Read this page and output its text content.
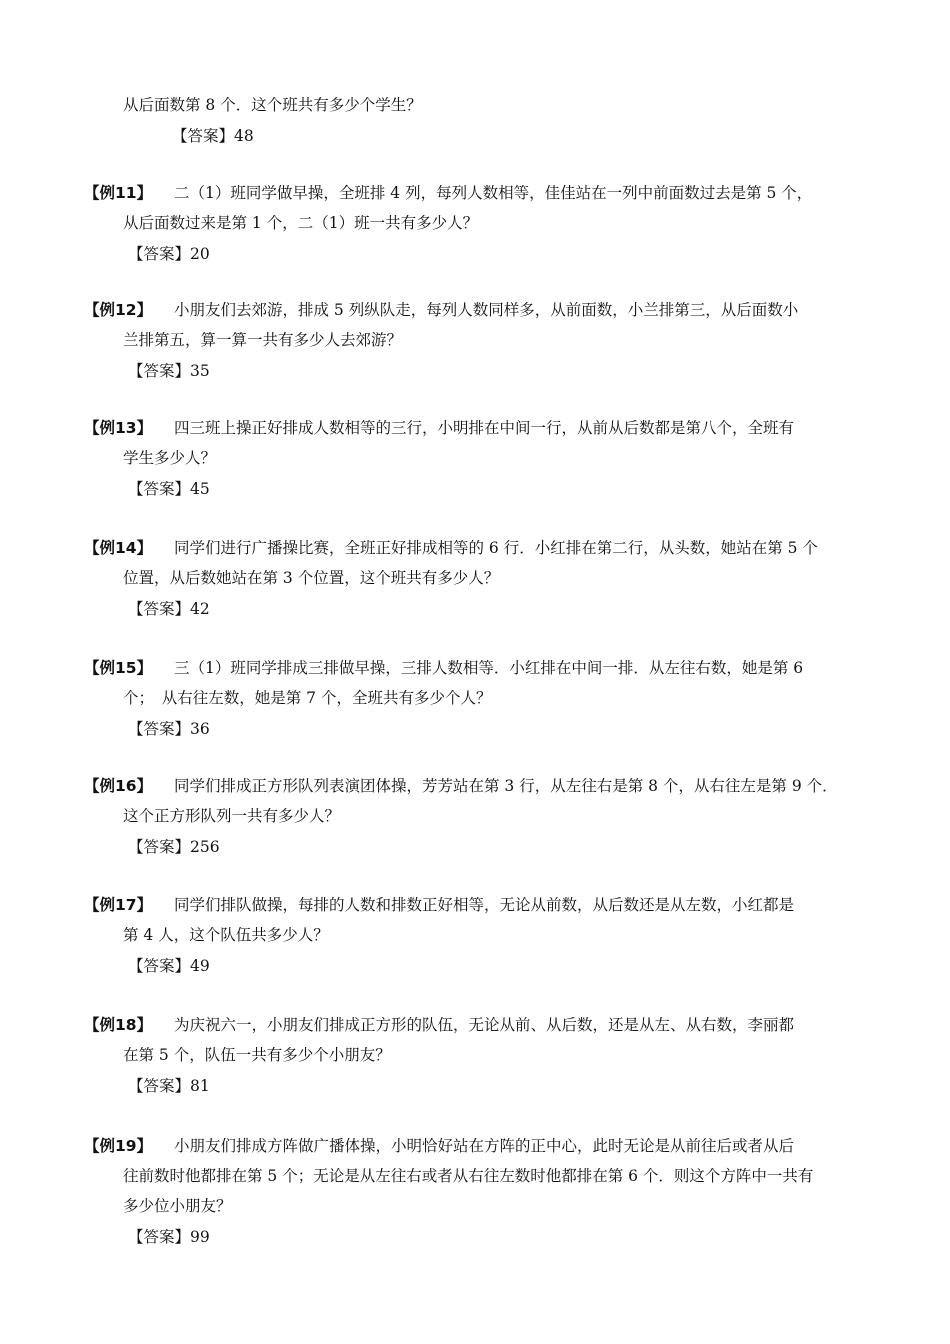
从后面数第 8 个．这个班共有多少个学生？
【答案】48
【例11】	二（1）班同学做早操，全班排 4 列，每列人数相等，佳佳站在一列中前面数过去是第 5 个，
从后面数过来是第 1 个，二（1）班一共有多少人？
【答案】20
【例12】	小朋友们去郊游，排成 5 列纵队走，每列人数同样多，从前面数，小兰排第三，从后面数小
兰排第五，算一算一共有多少人去郊游？
【答案】35
【例13】	四三班上操正好排成人数相等的三行，小明排在中间一行，从前从后数都是第八个，全班有
学生多少人？
【答案】45
【例14】	同学们进行广播操比赛，全班正好排成相等的 6 行．小红排在第二行，从头数，她站在第 5 个
位置，从后数她站在第 3 个位置，这个班共有多少人？
【答案】42
【例15】	三（1）班同学排成三排做早操，三排人数相等．小红排在中间一排．从左往右数，她是第 6
个；　从右往左数，她是第 7 个，全班共有多少个人？
【答案】36
【例16】	同学们排成正方形队列表演团体操，芳芳站在第 3 行，从左往右是第 8 个，从右往左是第 9 个．
这个正方形队列一共有多少人？
【答案】256
【例17】	同学们排队做操，每排的人数和排数正好相等，无论从前数，从后数还是从左数，小红都是
第 4 人，这个队伍共多少人？
【答案】49
【例18】	为庆祝六一，小朋友们排成正方形的队伍，无论从前、从后数，还是从左、从右数，李丽都
在第 5 个，队伍一共有多少个小朋友？
【答案】81
【例19】	小朋友们排成方阵做广播体操，小明恰好站在方阵的正中心，此时无论是从前往后或者从后
往前数时他都排在第 5 个；无论是从左往右或者从右往左数时他都排在第 6 个．则这个方阵中一共有
多少位小朋友？
【答案】99
